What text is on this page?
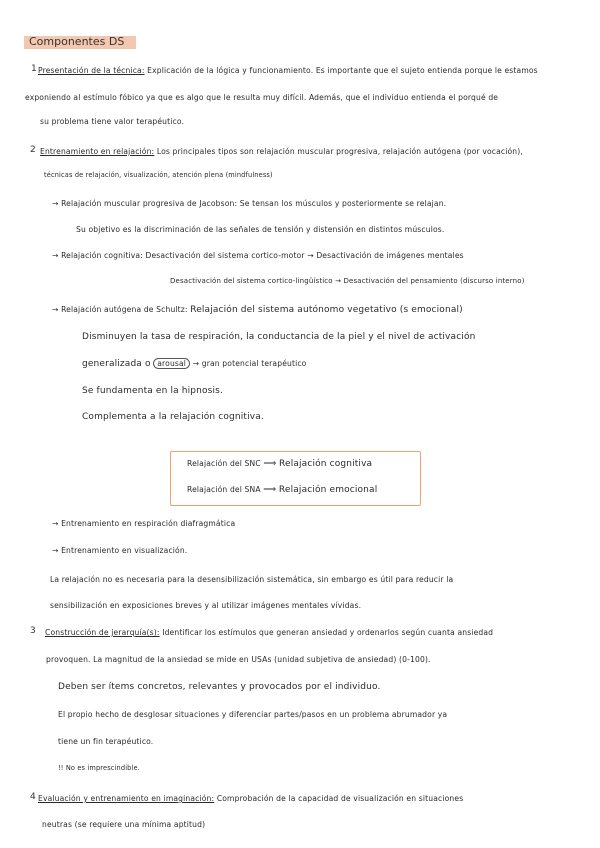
Componentes DS
1 Presentación de la técnica: Explicación de la lógica y funcionamiento. Es importante que el sujeto entienda porque le estamos
exponiendo al estímulo fóbico ya que es algo que le resulta muy difícil. Además, que el individuo entienda el porqué de
su problema tiene valor terapéutico.
2 Entrenamiento en relajación: Los principales tipos son relajación muscular progresiva, relajación autógena (por vocación),
técnicas de relajación, visualización, atención plena (mindfulness)
→ Relajación muscular progresiva de Jacobson: Se tensan los músculos y posteriormente se relajan.
Su objetivo es la discriminación de las señales de tensión y distensión en distintos músculos.
→ Relajación cognitiva: Desactivación del sistema cortico-motor → Desactivación de imágenes mentales
Desactivación del sistema cortico-lingüístico → Desactivación del pensamiento (discurso interno)
→ Relajación autógena de Schultz: Relajación del sistema autónomo vegetativo (s emocional)
Disminuyen la tasa de respiración, la conductancia de la piel y el nivel de activación
generalizada o arousal → gran potencial terapéutico
Se fundamenta en la hipnosis.
Complementa a la relajación cognitiva.
Relajación del SNC ⟹ Relajación cognitiva
Relajación del SNA ⟹ Relajación emocional
→ Entrenamiento en respiración diafragmática
→ Entrenamiento en visualización.
La relajación no es necesaria para la desensibilización sistemática, sin embargo es útil para reducir la
sensibilización en exposiciones breves y al utilizar imágenes mentales vívidas.
3 Construcción de jerarquía(s): Identificar los estímulos que generan ansiedad y ordenarlos según cuanta ansiedad
provoquen. La magnitud de la ansiedad se mide en USAs (unidad subjetiva de ansiedad) (0-100).
Deben ser ítems concretos, relevantes y provocados por el individuo.
El propio hecho de desglosar situaciones y diferenciar partes/pasos en un problema abrumador ya
tiene un fin terapéutico.
!! No es imprescindible.
4 Evaluación y entrenamiento en imaginación: Comprobación de la capacidad de visualización en situaciones
neutras (se requiere una mínima aptitud)
